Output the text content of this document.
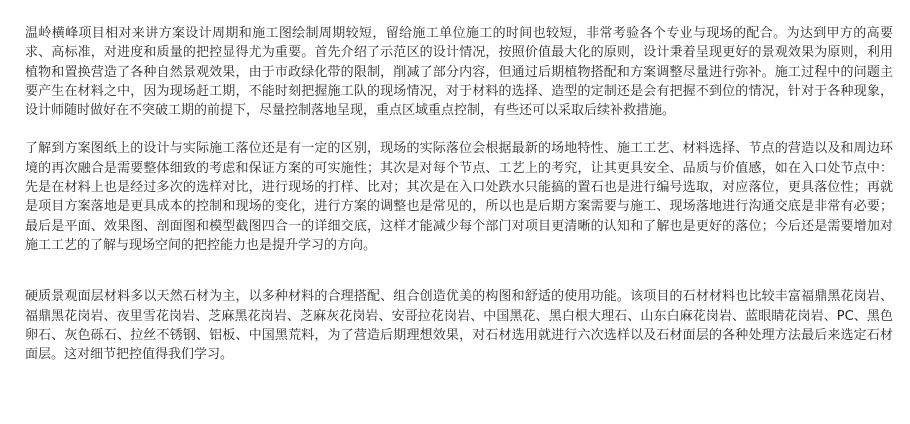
温岭横峰项目相对来讲方案设计周期和施工图绘制周期较短，留给施工单位施工的时间也较短，非常考验各个专业与现场的配合。为达到甲方的高要求、高标准，对进度和质量的把控显得尤为重要。首先介绍了示范区的设计情况，按照价值最大化的原则，设计秉着呈现更好的景观效果为原则，利用植物和置换营造了各种自然景观效果，由于市政绿化带的限制，削减了部分内容，但通过后期植物搭配和方案调整尽量进行弥补。施工过程中的问题主要产生在材料之中，因为现场赶工期，不能时刻把握施工队的现场情况，对于材料的选择、造型的定制还是会有把握不到位的情况，针对于各种现象，设计师随时做好在不突破工期的前提下，尽量控制落地呈现，重点区域重点控制，有些还可以采取后续补救措施。

了解到方案图纸上的设计与实际施工落位还是有一定的区别，现场的实际落位会根据最新的场地特性、施工工艺、材料选择、节点的营造以及和周边环境的再次融合是需要整体细致的考虑和保证方案的可实施性；其次是对每个节点、工艺上的考究，让其更具安全、品质与价值感，如在入口处节点中：先是在材料上也是经过多次的选样对比，进行现场的打样、比对；其次是在入口处跌水只能搞的置石也是进行编号选取，对应落位，更具落位性；再就是项目方案落地是更具成本的控制和现场的变化，进行方案的调整也是常见的，所以也是后期方案需要与施工、现场落地进行沟通交底是非常有必要；最后是平面、效果图、剖面图和模型截图四合一的详细交底，这样才能减少每个部门对项目更清晰的认知和了解也是更好的落位；今后还是需要增加对施工工艺的了解与现场空间的把控能力也是提升学习的方向。

硬质景观面层材料多以天然石材为主，以多种材料的合理搭配、组合创造优美的构图和舒适的使用功能。该项目的石材材料也比较丰富福鼎黑花岗岩、福鼎黑花岗岩、夜里雪花岗岩、芝麻黑花岗岩、芝麻灰花岗岩、安哥拉花岗岩、中国黑花、黑白根大理石、山东白麻花岗岩、蓝眼睛花岗岩、PC、黑色卵石、灰色砾石、拉丝不锈钢、铝板、中国黑荒料，为了营造后期理想效果，对石材选用就进行六次选样以及石材面层的各种处理方法最后来选定石材面层。这对细节把控值得我们学习。
